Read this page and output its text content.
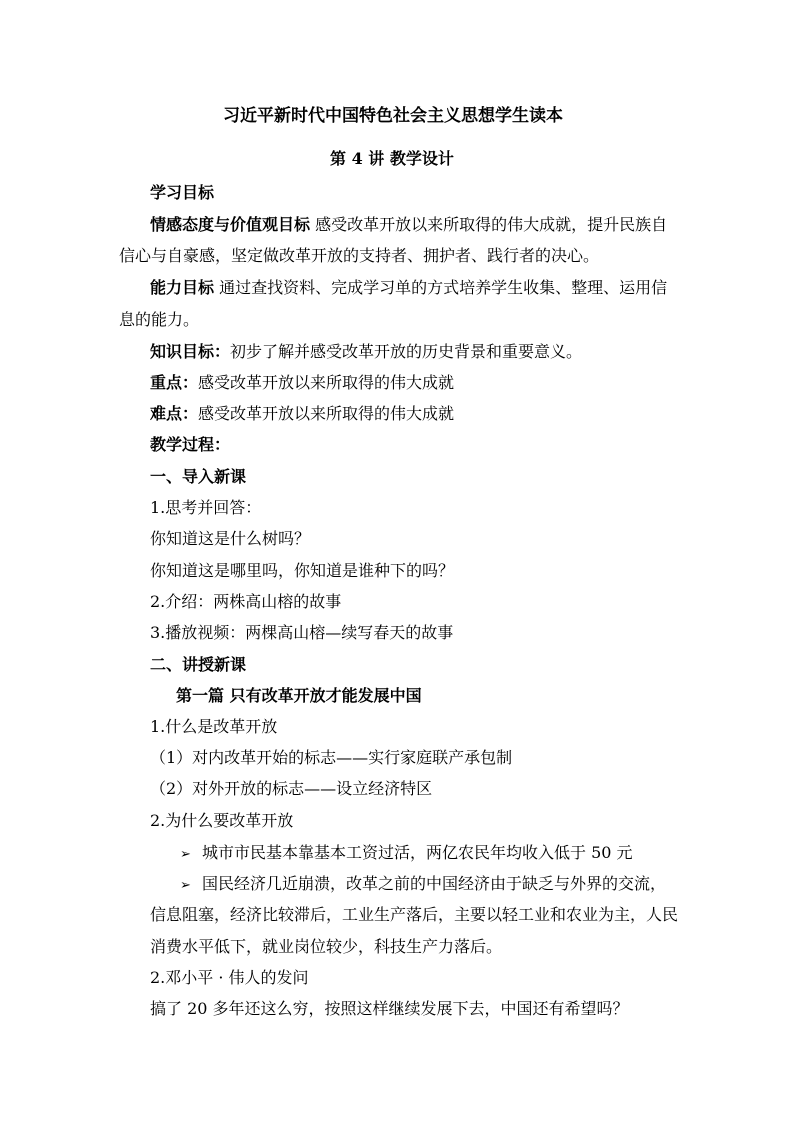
习近平新时代中国特色社会主义思想学生读本
第 4 讲 教学设计
学习目标
情感态度与价值观目标 感受改革开放以来所取得的伟大成就，提升民族自
信心与自豪感，坚定做改革开放的支持者、拥护者、践行者的决心。
能力目标 通过查找资料、完成学习单的方式培养学生收集、整理、运用信
息的能力。
知识目标：初步了解并感受改革开放的历史背景和重要意义。
重点：感受改革开放以来所取得的伟大成就
难点：感受改革开放以来所取得的伟大成就
教学过程：
一、导入新课
1.思考并回答：
你知道这是什么树吗？
你知道这是哪里吗，你知道是谁种下的吗？
2.介绍：两株高山榕的故事
3.播放视频：两棵高山榕—续写春天的故事
二、讲授新课
第一篇 只有改革开放才能发展中国
1.什么是改革开放
（1）对内改革开始的标志——实行家庭联产承包制
（2）对外开放的标志——设立经济特区
2.为什么要改革开放
➢ 城市市民基本靠基本工资过活，两亿农民年均收入低于 50 元
➢ 国民经济几近崩溃，改革之前的中国经济由于缺乏与外界的交流，
信息阻塞，经济比较滞后，工业生产落后，主要以轻工业和农业为主，人民
消费水平低下，就业岗位较少，科技生产力落后。
2.邓小平 · 伟人的发问
搞了 20 多年还这么穷，按照这样继续发展下去，中国还有希望吗？
